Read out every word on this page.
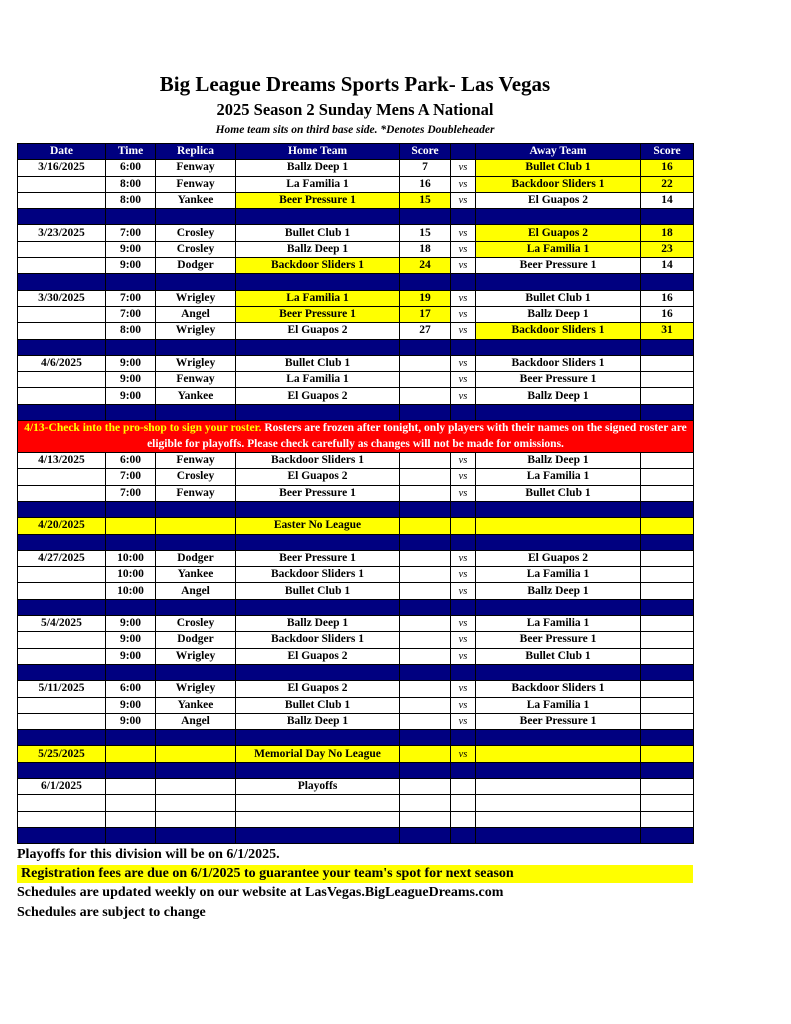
Big League Dreams Sports Park- Las Vegas
2025 Season 2 Sunday Mens A National
Home team sits on third base side. *Denotes Doubleheader
Date	Time	Replica	Home Team	Score		Away Team	Score
3/16/2025	6:00	Fenway	Ballz Deep 1	7	vs	Bullet Club 1	16
	8:00	Fenway	La Familia 1	16	vs	Backdoor Sliders 1	22
	8:00	Yankee	Beer Pressure 1	15	vs	El Guapos 2	14

3/23/2025	7:00	Crosley	Bullet Club 1	15	vs	El Guapos 2	18
	9:00	Crosley	Ballz Deep 1	18	vs	La Familia 1	23
	9:00	Dodger	Backdoor Sliders 1	24	vs	Beer Pressure 1	14

3/30/2025	7:00	Wrigley	La Familia 1	19	vs	Bullet Club 1	16
	7:00	Angel	Beer Pressure 1	17	vs	Ballz Deep 1	16
	8:00	Wrigley	El Guapos 2	27	vs	Backdoor Sliders 1	31

4/6/2025	9:00	Wrigley	Bullet Club 1		vs	Backdoor Sliders 1	
	9:00	Fenway	La Familia 1		vs	Beer Pressure 1	
	9:00	Yankee	El Guapos 2		vs	Ballz Deep 1	

4/13-Check into the pro-shop to sign your roster. Rosters are frozen after tonight, only players with their names on the signed roster are eligible for playoffs. Please check carefully as changes will not be made for omissions.							
4/13/2025	6:00	Fenway	Backdoor Sliders 1		vs	Ballz Deep 1	
	7:00	Crosley	El Guapos 2		vs	La Familia 1	
	7:00	Fenway	Beer Pressure 1		vs	Bullet Club 1	

4/20/2025			Easter No League				

4/27/2025	10:00	Dodger	Beer Pressure 1		vs	El Guapos 2	
	10:00	Yankee	Backdoor Sliders 1		vs	La Familia 1	
	10:00	Angel	Bullet Club 1		vs	Ballz Deep 1	

5/4/2025	9:00	Crosley	Ballz Deep 1		vs	La Familia 1	
	9:00	Dodger	Backdoor Sliders 1		vs	Beer Pressure 1	
	9:00	Wrigley	El Guapos 2		vs	Bullet Club 1	

5/11/2025	6:00	Wrigley	El Guapos 2		vs	Backdoor Sliders 1	
	9:00	Yankee	Bullet Club 1		vs	La Familia 1	
	9:00	Angel	Ballz Deep 1		vs	Beer Pressure 1	

5/25/2025			Memorial Day No League		vs		

6/1/2025			Playoffs				

Playoffs for this division will be on 6/1/2025.
Registration fees are due on 6/1/2025 to guarantee your team's spot for next season
Schedules are updated weekly on our website at LasVegas.BigLeagueDreams.com
Schedules are subject to change
